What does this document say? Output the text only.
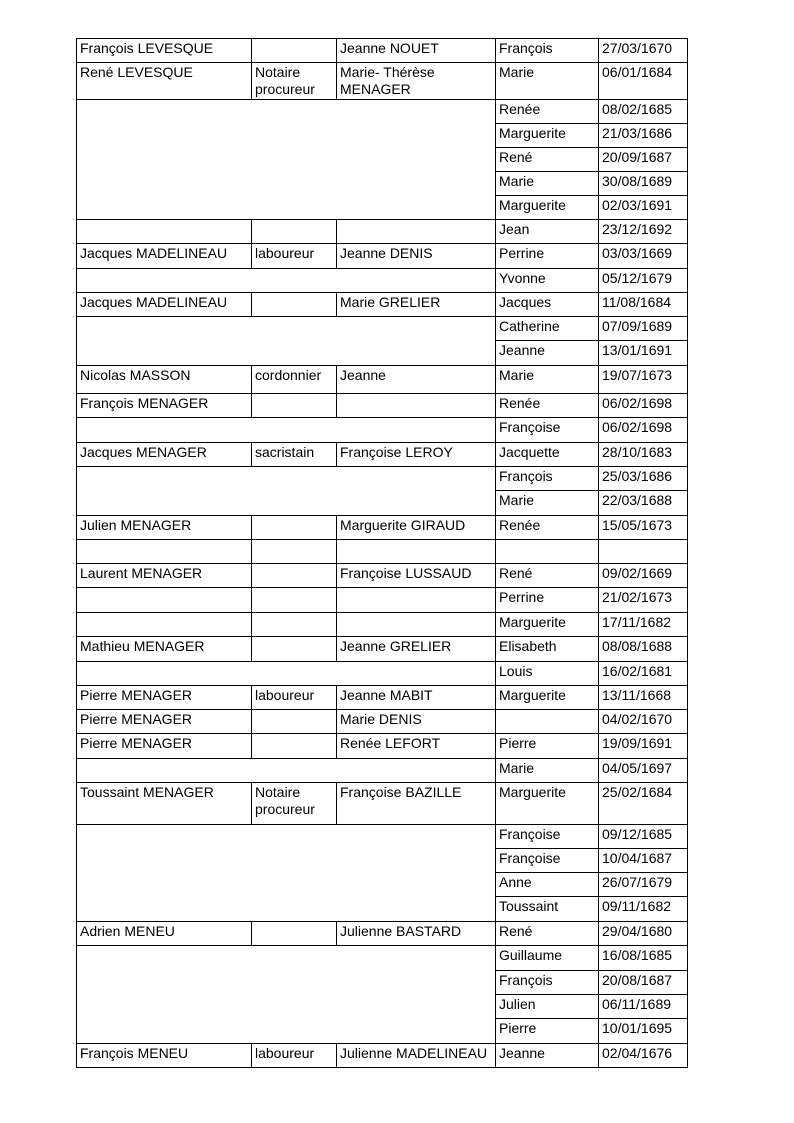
François LEVESQUE		Jeanne NOUET	François	27/03/1670
René LEVESQUE	Notaire procureur	Marie- Thérèse MENAGER	Marie	06/01/1684
			Renée	08/02/1685
			Marguerite	21/03/1686
			René	20/09/1687
			Marie	30/08/1689
			Marguerite	02/03/1691
			Jean	23/12/1692
Jacques MADELINEAU	laboureur	Jeanne DENIS	Perrine	03/03/1669
			Yvonne	05/12/1679
Jacques MADELINEAU		Marie GRELIER	Jacques	11/08/1684
			Catherine	07/09/1689
			Jeanne	13/01/1691
Nicolas MASSON	cordonnier	Jeanne	Marie	19/07/1673
François MENAGER			Renée	06/02/1698
			Françoise	06/02/1698
Jacques MENAGER	sacristain	Françoise LEROY	Jacquette	28/10/1683
			François	25/03/1686
			Marie	22/03/1688
Julien MENAGER		Marguerite GIRAUD	Renée	15/05/1673

Laurent MENAGER		Françoise LUSSAUD	René	09/02/1669
			Perrine	21/02/1673
			Marguerite	17/11/1682
Mathieu MENAGER		Jeanne GRELIER	Elisabeth	08/08/1688
			Louis	16/02/1681
Pierre MENAGER	laboureur	Jeanne MABIT	Marguerite	13/11/1668
Pierre MENAGER		Marie DENIS		04/02/1670
Pierre MENAGER		Renée LEFORT	Pierre	19/09/1691
			Marie	04/05/1697
Toussaint MENAGER	Notaire procureur	Françoise BAZILLE	Marguerite	25/02/1684
			Françoise	09/12/1685
			Françoise	10/04/1687
			Anne	26/07/1679
			Toussaint	09/11/1682
Adrien MENEU		Julienne BASTARD	René	29/04/1680
			Guillaume	16/08/1685
			François	20/08/1687
			Julien	06/11/1689
			Pierre	10/01/1695
François MENEU	laboureur	Julienne MADELINEAU	Jeanne	02/04/1676
